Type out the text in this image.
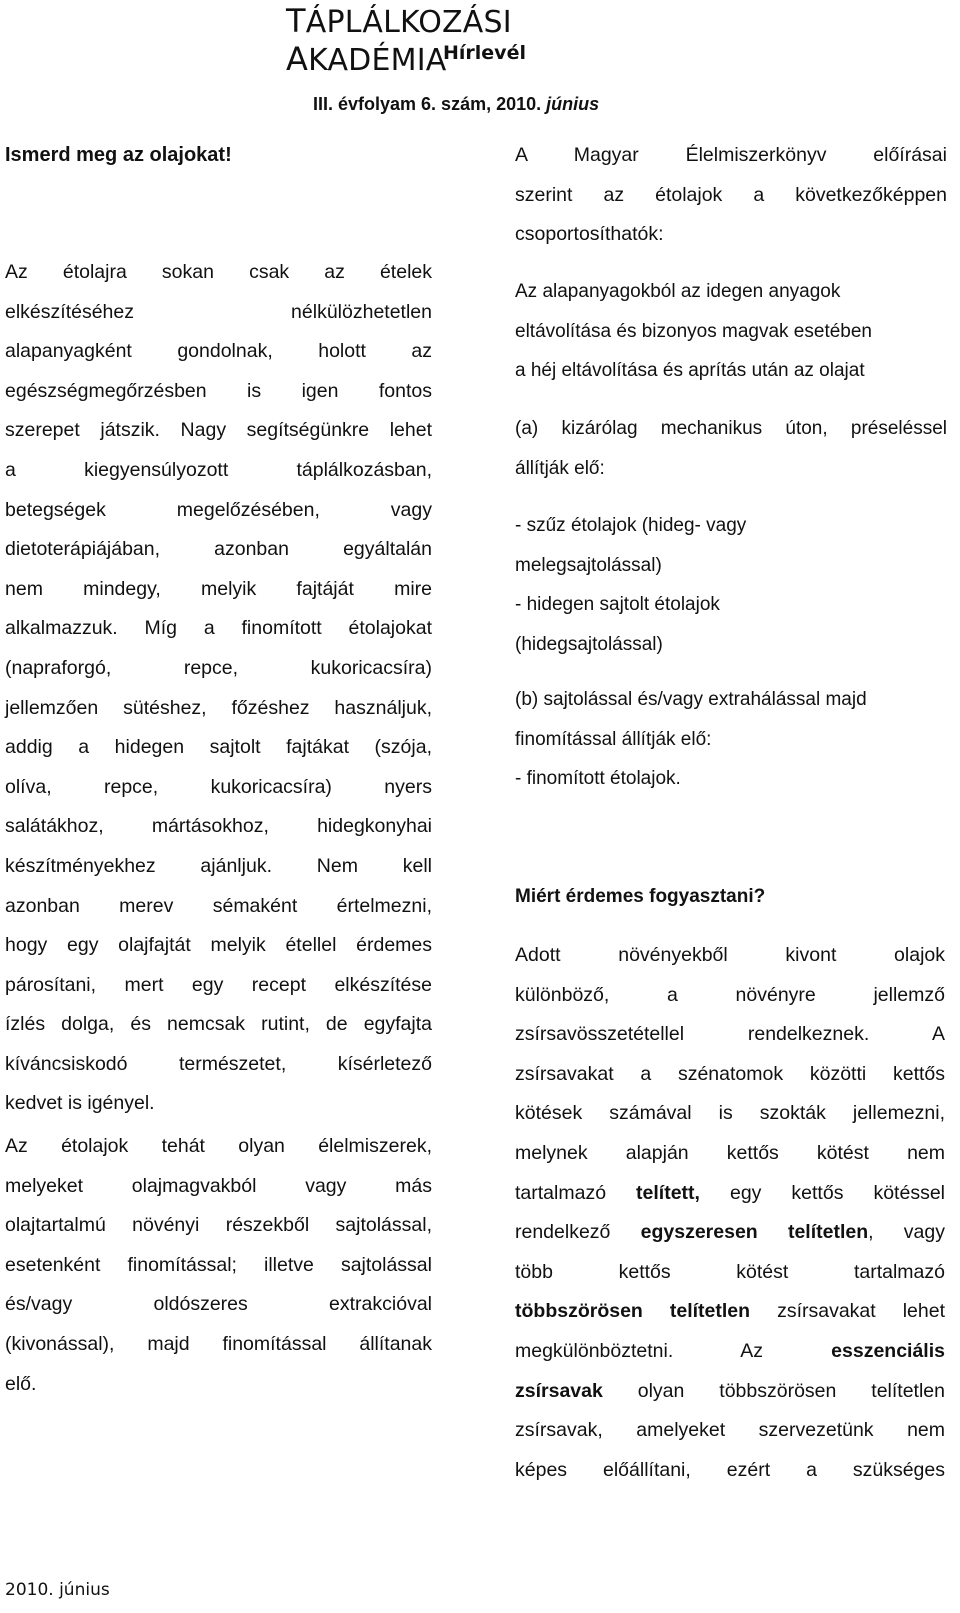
TÁPLÁLKOZÁSI AKADÉMIA
Hírlevél
III. évfolyam 6. szám, 2010. június
Ismerd meg az olajokat!
Az étolajra sokan csak az ételek
elkészítéséhez nélkülözhetetlen
alapanyagként gondolnak, holott az
egészségmegőrzésben is igen fontos
szerepet játszik. Nagy segítségünkre lehet
a kiegyensúlyozott táplálkozásban,
betegségek megelőzésében, vagy
dietoterápiájában, azonban egyáltalán
nem mindegy, melyik fajtáját mire
alkalmazzuk. Míg a finomított étolajokat
(napraforgó, repce, kukoricacsíra)
jellemzően sütéshez, főzéshez használjuk,
addig a hidegen sajtolt fajtákat (szója,
olíva, repce, kukoricacsíra) nyers
salátákhoz, mártásokhoz, hidegkonyhai
készítményekhez ajánljuk. Nem kell
azonban merev sémaként értelmezni,
hogy egy olajfajtát melyik étellel érdemes
párosítani, mert egy recept elkészítése
ízlés dolga, és nemcsak rutint, de egyfajta
kíváncsiskodó természetet, kísérletező
kedvet is igényel.
Az étolajok tehát olyan élelmiszerek,
melyeket olajmagvakból vagy más
olajtartalmú növényi részekből sajtolással,
esetenként finomítással; illetve sajtolással
és/vagy oldószeres extrakcióval
(kivonással), majd finomítással állítanak
elő.
A Magyar Élelmiszerkönyv előírásai
szerint az étolajok a következőképpen
csoportosíthatók:
Az alapanyagokból az idegen anyagok
eltávolítása és bizonyos magvak esetében
a héj eltávolítása és aprítás után az olajat
(a) kizárólag mechanikus úton, préseléssel
állítják elő:
- szűz étolajok (hideg- vagy
melegsajtolással)
- hidegen sajtolt étolajok
(hidegsajtolással)
(b) sajtolással és/vagy extrahálással majd
finomítással állítják elő:
- finomított étolajok.
Miért érdemes fogyasztani?
Adott növényekből kivont olajok
különböző, a növényre jellemző
zsírsavösszetétellel rendelkeznek. A
zsírsavakat a szénatomok közötti kettős
kötések számával is szokták jellemezni,
melynek alapján kettős kötést nem
tartalmazó telített, egy kettős kötéssel
rendelkező egyszeresen telítetlen, vagy
több kettős kötést tartalmazó
többszörösen telítetlen zsírsavakat lehet
megkülönböztetni. Az esszenciális
zsírsavak olyan többszörösen telítetlen
zsírsavak, amelyeket szervezetünk nem
képes előállítani, ezért a szükséges
2010. június
